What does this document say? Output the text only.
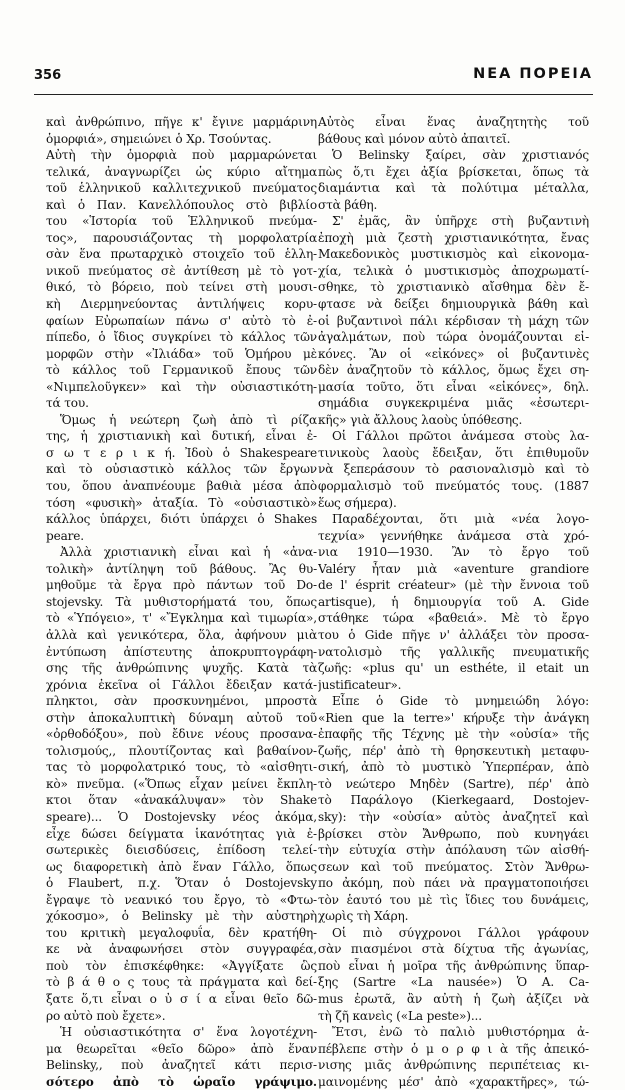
356	ΝΕΑ ΠΟΡΕΙΑ
καὶ ἀνθρώπινο, πῆγε κ' ἔγινε μαρμάρινη
ὁμορφιά», σημειώνει ὁ Χρ. Τσούντας.
Αὐτὴ τὴν ὁμορφιὰ ποὺ μαρμαρώνεται
τελικά, ἀναγνωρίζει ὡς κύριο αἴτημα
τοῦ ἑλληνικοῦ καλλιτεχνικοῦ πνεύματος
καὶ ὁ Παν. Κανελλόπουλος στὸ βιβλίο
του «Ἱστορία τοῦ Ἑλληνικοῦ πνεύμα-
τος», παρουσιάζοντας τὴ μορφολατρία
σὰν ἕνα πρωταρχικὸ στοιχεῖο τοῦ ἑλλη-
νικοῦ πνεύματος σὲ ἀντίθεση μὲ τὸ γοτ-
θικό, τὸ βόρειο, ποὺ τείνει στὴ μουσι-
κὴ Διερμηνεύοντας ἀντιλήψεις κορυ-
φαίων Εὐρωπαίων πάνω σ' αὐτὸ τὸ ἐ-
πίπεδο, ὁ ἴδιος συγκρίνει τὸ κάλλος τῶν
μορφῶν στὴν «Ἰλιάδα» τοῦ Ὁμήρου μὲ
τὸ κάλλος τοῦ Γερμανικοῦ ἔπους τῶν
«Νιμπελοῦγκεν» καὶ τὴν οὐσιαστικότη-
τά του.
Ὅμως ἡ νεώτερη ζωὴ ἀπὸ τὶ ρίζα
της, ἡ χριστιανικὴ καὶ δυτική, εἶναι ἐ-
σ ω τ ε ρ ι κ ή. Ἰδοὺ ὁ Shakespeare
καὶ τὸ οὐσιαστικὸ κάλλος τῶν ἔργων
του, ὅπου ἀναπνέουμε βαθιὰ μέσα ἀπὸ
τόση «φυσικὴ» ἀταξία. Τὸ «οὐσιαστικὸ»
κάλλος ὑπάρχει, διότι ὑπάρχει ὁ Shakes
peare.
Ἀλλὰ χριστιανικὴ εἶναι καὶ ἡ «ἀνα-
τολικὴ» ἀντίληψη τοῦ βάθους. Ἂς θυ-
μηθοῦμε τὰ ἔργα πρὸ πάντων τοῦ Do-
stojevsky. Τὰ μυθιστορήματά του, ὅπως
τὸ «Ὑπόγειο», τ' «Ἔγκλημα καὶ τιμωρία»,
ἀλλὰ καὶ γενικότερα, ὅλα, ἀφήνουν μιὰ
ἐντύπωση ἀπίστευτης ἀποκρυπτογράφη-
σης τῆς ἀνθρώπινης ψυχῆς. Κατὰ τὰ
χρόνια ἐκεῖνα οἱ Γάλλοι ἔδειξαν κατά-
πληκτοι, σὰν προσκυνημένοι, μπροστὰ
στὴν ἀποκαλυπτικὴ δύναμη αὐτοῦ τοῦ
«ὀρθοδόξου», ποὺ ἔδινε νέους προσανα-
τολισμούς,, πλουτίζοντας καὶ βαθαίνον-
τας τὸ μορφολατρικό τους, τὸ «αἰσθητι-
κὸ» πνεῦμα. («Ὅπως εἶχαν μείνει ἔκπλη-
κτοι ὅταν «ἀνακάλυψαν» τὸν Shake
speare)... Ὁ Dostojevsky νέος ἀκόμα,
εἶχε δώσει δείγματα ἱκανότητας γιὰ ἐ-
σωτερικὲς διεισδύσεις, ἐπίδοση τελεί-
ως διαφορετικὴ ἀπὸ ἕναν Γάλλο, ὅπως
ὁ Flaubert, π.χ. Ὅταν ὁ Dostojevsky
ἔγραψε τὸ νεανικό του ἔργο, τὸ «Φτω-
χόκοσμο», ὁ Belinsky μὲ τὴν αὐστηρὴ
του κριτικὴ μεγαλοφυΐα, δὲν κρατήθη-
κε νὰ ἀναφωνήσει στὸν συγγραφέα,
ποὺ τὸν ἐπισκέφθηκε: «Ἀγγίξατε ὣς
τὸ β ά θ ο ς τους τὰ πράγματα καὶ δεί-
ξατε ὅ,τι εἶναι ο ὐ σ ί α εἶναι θεῖο δῶ-
ρο αὐτὸ ποὺ ἔχετε».
Ἡ οὐσιαστικότητα σ' ἕνα λογοτέχνη-
μα θεωρεῖται «θεῖο δῶρο» ἀπὸ ἕναν
Belinsky,, ποὺ ἀναζητεῖ κάτι περισ-
σότερο ἀπὸ τὸ ὡραῖο γράψιμο.
Αὐτὸς εἶναι ἕνας ἀναζητητὴς τοῦ
βάθους καὶ μόνον αὐτὸ ἀπαιτεῖ.
Ὁ Belinsky ξαίρει, σὰν χριστιανός
πὼς ὅ,τι ἔχει ἀξία βρίσκεται, ὅπως τὰ
διαμάντια καὶ τὰ πολύτιμα μέταλλα,
στὰ βάθη.
Σ' ἐμᾶς, ἂν ὑπῆρχε στὴ βυζαντινὴ
ἐποχὴ μιὰ ζεστὴ χριστιανικότητα, ἔνας
Μακεδονικὸς μυστικισμὸς καὶ εἰκονομα-
χία, τελικὰ ὁ μυστικισμὸς ἀποχρωματί-
σθηκε, τὸ χριστιανικὸ αἴσθημα δὲν ἔ-
φτασε νὰ δείξει δημιουργικὰ βάθη καὶ
οἱ βυζαντινοὶ πάλι κέρδισαν τὴ μάχη τῶν
ἀγαλμάτων, ποὺ τώρα ὀνομάζουνται εἰ-
κόνες. Ἂν οἱ «εἰκόνες» οἱ βυζαντινὲς
δὲν ἀναζητοῦν τὸ κάλλος, ὅμως ἔχει ση-
μασία τοῦτο, ὅτι εἶναι «εἰκόνες», δηλ.
σημάδια συγκεκριμένα μιᾶς «ἐσωτερι-
κῆς» γιὰ ἄλλους λαοὺς ὑπόθεσης.
Οἱ Γάλλοι πρῶτοι ἀνάμεσα στοὺς λα-
τινικοὺς λαοὺς ἔδειξαν, ὅτι ἐπιθυμοῦν
νὰ ξεπεράσουν τὸ ρασιοναλισμὸ καὶ τὸ
φορμαλισμὸ τοῦ πνεύματός τους. (1887
ἕως σήμερα).
Παραδέχονται, ὅτι μιὰ «νέα λογο-
τεχνία» γεννήθηκε ἀνάμεσα στὰ χρό-
νια 1910—1930. Ἂν τὸ ἔργο τοῦ
Valéry ἦταν μιὰ «aventure grandiore
de l' ésprit créateur» (μὲ τὴν ἔννοια τοῦ
artisque), ἡ δημιουργία τοῦ A. Gide
στάθηκε τώρα «βαθειά». Μὲ τὸ ἔργο
του ὁ Gide πῆγε ν' ἀλλάξει τὸν προσα-
νατολισμὸ τῆς γαλλικῆς πνευματικῆς
ζωῆς: «plus qu' un esthéte, il etait un
justificateur».
Εἶπε ὁ Gide τὸ μνημειώδη λόγο:
«Rien que la terre»' κήρυξε τὴν ἀνάγκη
ἐπαφῆς τῆς Τέχνης μὲ τὴν «οὐσία» τῆς
ζωῆς, πέρ' ἀπὸ τὴ θρησκευτικὴ μεταφυ-
σική, ἀπὸ τὸ μυστικὸ Ὑπερπέραν, ἀπὸ
τὸ νεώτερο Μηδὲν (Sartre), πέρ' ἀπὸ
τὸ Παράλογο (Kierkegaard, Dostojev-
sky): τὴν «οὐσία» αὐτὸς ἀναζητεῖ καὶ
βρίσκει στὸν Ἄνθρωπο, ποὺ κυνηγάει
τὴν εὐτυχία στὴν ἀπόλαυση τῶν αἰσθή-
σεων καὶ τοῦ πνεύματος. Στὸν Ἄνθρω-
πο ἀκόμη, ποὺ πάει νὰ πραγματοποιήσει
τὸν ἑαυτό του μὲ τὶς ἴδιες του δυνάμεις,
χωρὶς τὴ Χάρη.
Οἱ πιὸ σύγχρονοι Γάλλοι γράφουν
σὰν πιασμένοι στὰ δίχτυα τῆς ἀγωνίας,
ποὺ εἶναι ἡ μοῖρα τῆς ἀνθρώπινης ὕπαρ-
ξης (Sartre «La nausée») Ὁ A. Ca-
mus ἐρωτᾶ, ἂν αὐτὴ ἡ ζωὴ ἀξίζει νὰ
τὴ ζῆ κανεὶς («La peste»)...
Ἔτσι, ἐνῶ τὸ παλιὸ μυθιστόρημα ἀ-
πέβλεπε στὴν ὁ μ ο ρ φ ι ὰ τῆς ἀπεικό-
νισης μιᾶς ἀνθρώπινης περιπέτειας κι-
μαινομένης μέσ' ἀπὸ «χαρακτῆρες», τώ-
